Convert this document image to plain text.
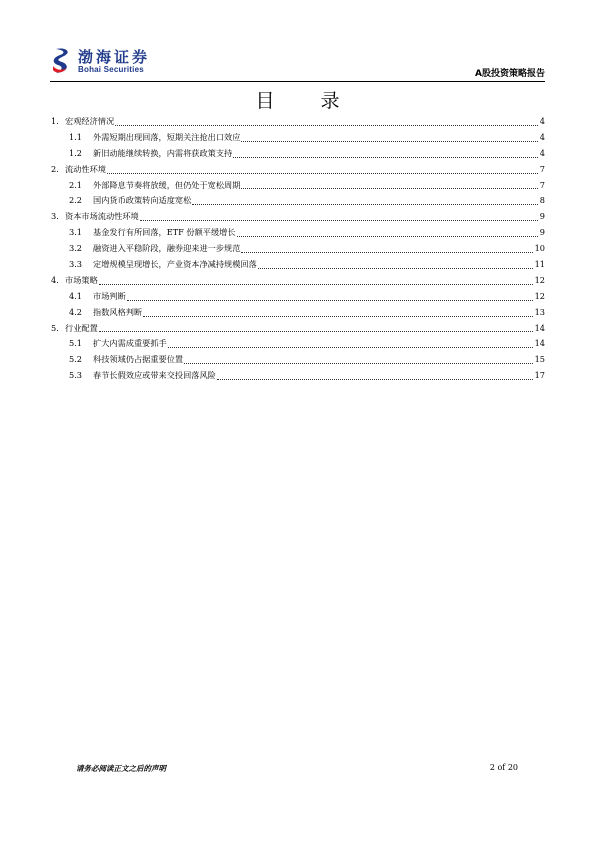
渤海证券
Bohai Securities	A股投资策略报告
目 录
1. 宏观经济情况	4
1.1 外需短期出现回落，短期关注抢出口效应	4
1.2 新旧动能继续转换，内需将获政策支持	4
2. 流动性环境	7
2.1 外部降息节奏将放缓，但仍处于宽松周期	7
2.2 国内货币政策转向适度宽松	8
3. 资本市场流动性环境	9
3.1 基金发行有所回落，ETF 份额平缓增长	9
3.2 融资进入平稳阶段，融券迎来进一步规范	10
3.3 定增规模呈现增长，产业资本净减持规模回落	11
4. 市场策略	12
4.1 市场判断	12
4.2 指数风格判断	13
5. 行业配置	14
5.1 扩大内需成重要抓手	14
5.2 科技领域仍占据重要位置	15
5.3 春节长假效应或带来交投回落风险	17
请务必阅读正文之后的声明	2 of 20
